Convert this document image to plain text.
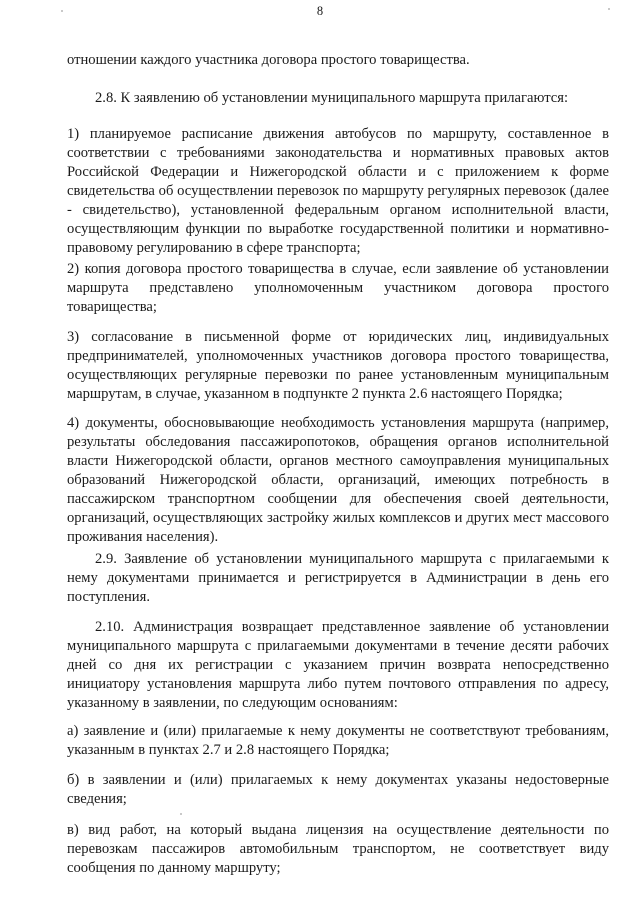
8

отношении каждого участника договора простого товарищества.

2.8. К заявлению об установлении муниципального маршрута прилагаются:

1) планируемое расписание движения автобусов по маршруту, составленное в соответствии с требованиями законодательства и нормативных правовых актов Российской Федерации и Нижегородской области и с приложением к форме свидетельства об осуществлении перевозок по маршруту регулярных перевозок (далее - свидетельство), установленной федеральным органом исполнительной власти, осуществляющим функции по выработке государственной политики и нормативно-правовому регулированию в сфере транспорта;

2) копия договора простого товарищества в случае, если заявление об установлении маршрута представлено уполномоченным участником договора простого товарищества;

3) согласование в письменной форме от юридических лиц, индивидуальных предпринимателей, уполномоченных участников договора простого товарищества, осуществляющих регулярные перевозки по ранее установленным муниципальным маршрутам, в случае, указанном в подпункте 2 пункта 2.6 настоящего Порядка;

4) документы, обосновывающие необходимость установления маршрута (например, результаты обследования пассажиропотоков, обращения органов исполнительной власти Нижегородской области, органов местного самоуправления муниципальных образований Нижегородской области, организаций, имеющих потребность в пассажирском транспортном сообщении для обеспечения своей деятельности, организаций, осуществляющих застройку жилых комплексов и других мест массового проживания населения).

2.9. Заявление об установлении муниципального маршрута с прилагаемыми к нему документами принимается и регистрируется в Администрации в день его поступления.

2.10. Администрация возвращает представленное заявление об установлении муниципального маршрута с прилагаемыми документами в течение десяти рабочих дней со дня их регистрации с указанием причин возврата непосредственно инициатору установления маршрута либо путем почтового отправления по адресу, указанному в заявлении, по следующим основаниям:

а) заявление и (или) прилагаемые к нему документы не соответствуют требованиям, указанным в пунктах 2.7 и 2.8 настоящего Порядка;

б) в заявлении и (или) прилагаемых к нему документах указаны недостоверные сведения;

в) вид работ, на который выдана лицензия на осуществление деятельности по перевозкам пассажиров автомобильным транспортом, не соответствует виду сообщения по данному маршруту;
